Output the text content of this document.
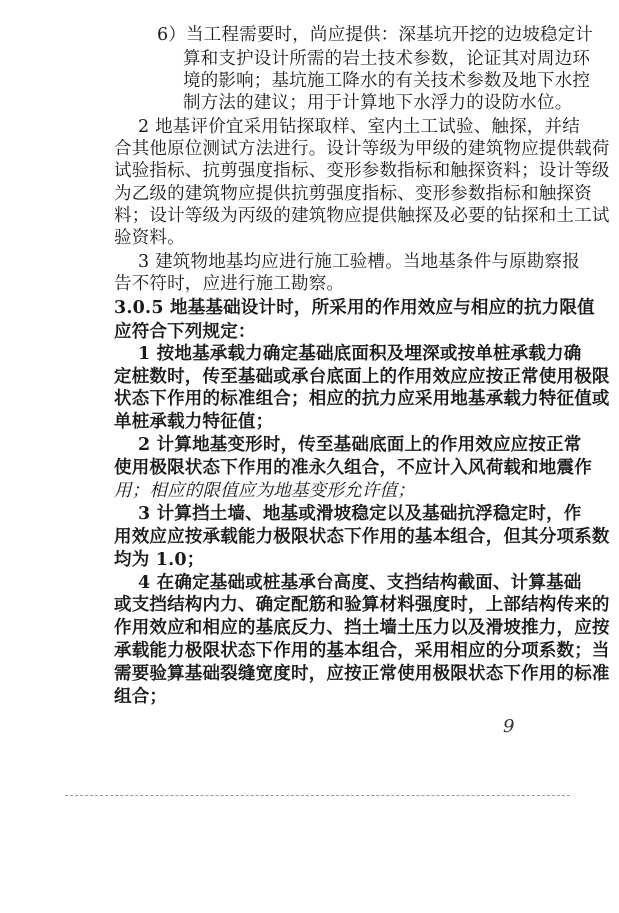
6）当工程需要时，尚应提供：深基坑开挖的边坡稳定计
算和支护设计所需的岩土技术参数，论证其对周边环
境的影响；基坑施工降水的有关技术参数及地下水控
制方法的建议；用于计算地下水浮力的设防水位。
2 地基评价宜采用钻探取样、室内土工试验、触探，并结
合其他原位测试方法进行。设计等级为甲级的建筑物应提供载荷
试验指标、抗剪强度指标、变形参数指标和触探资料；设计等级
为乙级的建筑物应提供抗剪强度指标、变形参数指标和触探资
料；设计等级为丙级的建筑物应提供触探及必要的钻探和土工试
验资料。
3 建筑物地基均应进行施工验槽。当地基条件与原勘察报
告不符时，应进行施工勘察。
3.0.5 地基基础设计时，所采用的作用效应与相应的抗力限值
应符合下列规定：
1 按地基承载力确定基础底面积及埋深或按单桩承载力确
定桩数时，传至基础或承台底面上的作用效应应按正常使用极限
状态下作用的标准组合；相应的抗力应采用地基承载力特征值或
单桩承载力特征值；
2 计算地基变形时，传至基础底面上的作用效应应按正常
使用极限状态下作用的准永久组合，不应计入风荷载和地震作
用；相应的限值应为地基变形允许值；
3 计算挡土墙、地基或滑坡稳定以及基础抗浮稳定时，作
用效应应按承载能力极限状态下作用的基本组合，但其分项系数
均为 1.0；
4 在确定基础或桩基承台高度、支挡结构截面、计算基础
或支挡结构内力、确定配筋和验算材料强度时，上部结构传来的
作用效应和相应的基底反力、挡土墙土压力以及滑坡推力，应按
承载能力极限状态下作用的基本组合，采用相应的分项系数；当
需要验算基础裂缝宽度时，应按正常使用极限状态下作用的标准
组合；
9
